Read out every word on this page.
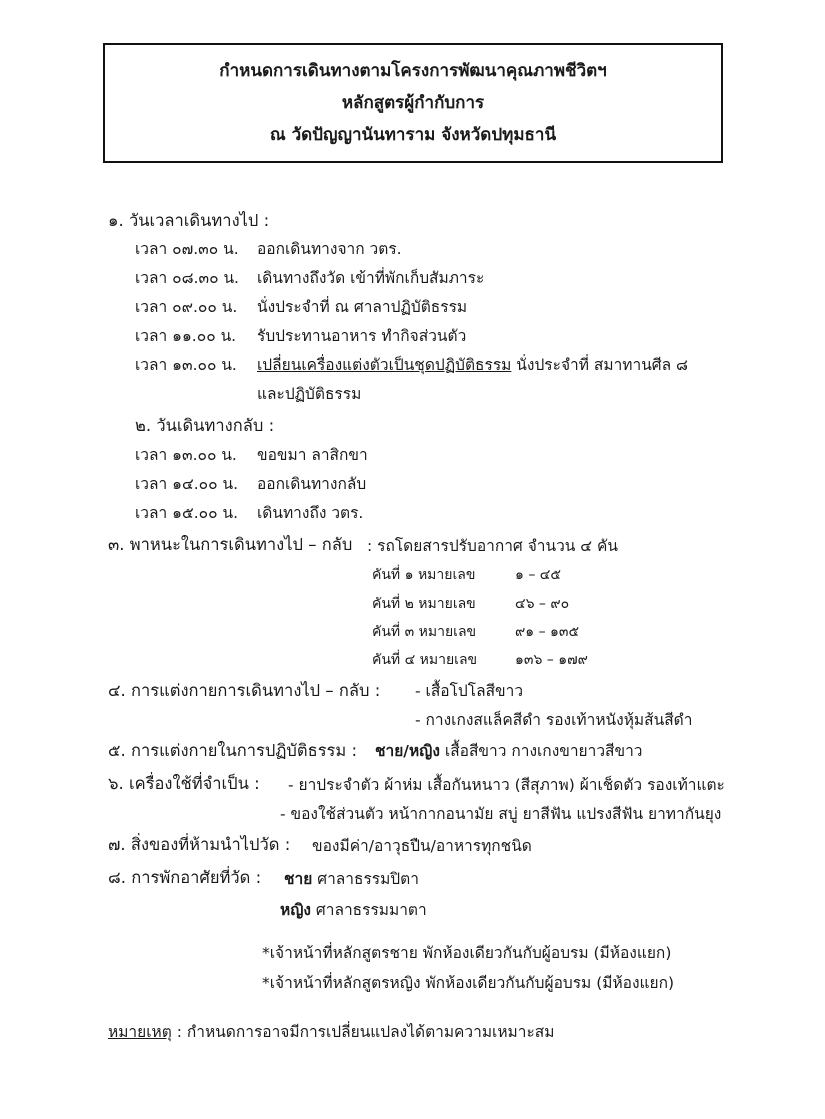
กำหนดการเดินทางตามโครงการพัฒนาคุณภาพชีวิตฯ
หลักสูตรผู้กำกับการ
ณ วัดปัญญานันทาราม จังหวัดปทุมธานี
๑. วันเวลาเดินทางไป :
เวลา ๐๗.๓๐ น. ออกเดินทางจาก วตร.
เวลา ๐๘.๓๐ น. เดินทางถึงวัด เข้าที่พักเก็บสัมภาระ
เวลา ๐๙.๐๐ น. นั่งประจำที่ ณ ศาลาปฏิบัติธรรม
เวลา ๑๑.๐๐ น. รับประทานอาหาร ทำกิจส่วนตัว
เวลา ๑๓.๐๐ น. เปลี่ยนเครื่องแต่งตัวเป็นชุดปฏิบัติธรรม นั่งประจำที่ สมาทานศีล ๘
และปฏิบัติธรรม
๒. วันเดินทางกลับ :
เวลา ๑๓.๐๐ น. ขอขมา ลาสิกขา
เวลา ๑๔.๐๐ น. ออกเดินทางกลับ
เวลา ๑๕.๐๐ น. เดินทางถึง วตร.
๓. พาหนะในการเดินทางไป – กลับ : รถโดยสารปรับอากาศ จำนวน ๔ คัน
คันที่ ๑ หมายเลข	๑ – ๔๕
คันที่ ๒ หมายเลข	๔๖ – ๙๐
คันที่ ๓ หมายเลข	๙๑ – ๑๓๕
คันที่ ๔ หมายเลข	๑๓๖ – ๑๗๙
๔. การแต่งกายการเดินทางไป – กลับ : - เสื้อโปโลสีขาว
- กางเกงสแล็คสีดำ รองเท้าหนังหุ้มส้นสีดำ
๕. การแต่งกายในการปฏิบัติธรรม : ชาย/หญิง เสื้อสีขาว กางเกงขายาวสีขาว
๖. เครื่องใช้ที่จำเป็น : - ยาประจำตัว ผ้าห่ม เสื้อกันหนาว (สีสุภาพ) ผ้าเช็ดตัว รองเท้าแตะ
- ของใช้ส่วนตัว หน้ากากอนามัย สบู่ ยาสีฟัน แปรงสีฟัน ยาทากันยุง
๗. สิ่งของที่ห้ามนำไปวัด : ของมีค่า/อาวุธปืน/อาหารทุกชนิด
๘. การพักอาศัยที่วัด : ชาย ศาลาธรรมปิตา
หญิง ศาลาธรรมมาตา
*เจ้าหน้าที่หลักสูตรชาย พักห้องเดียวกันกับผู้อบรม (มีห้องแยก)
*เจ้าหน้าที่หลักสูตรหญิง พักห้องเดียวกันกับผู้อบรม (มีห้องแยก)
หมายเหตุ : กำหนดการอาจมีการเปลี่ยนแปลงได้ตามความเหมาะสม
